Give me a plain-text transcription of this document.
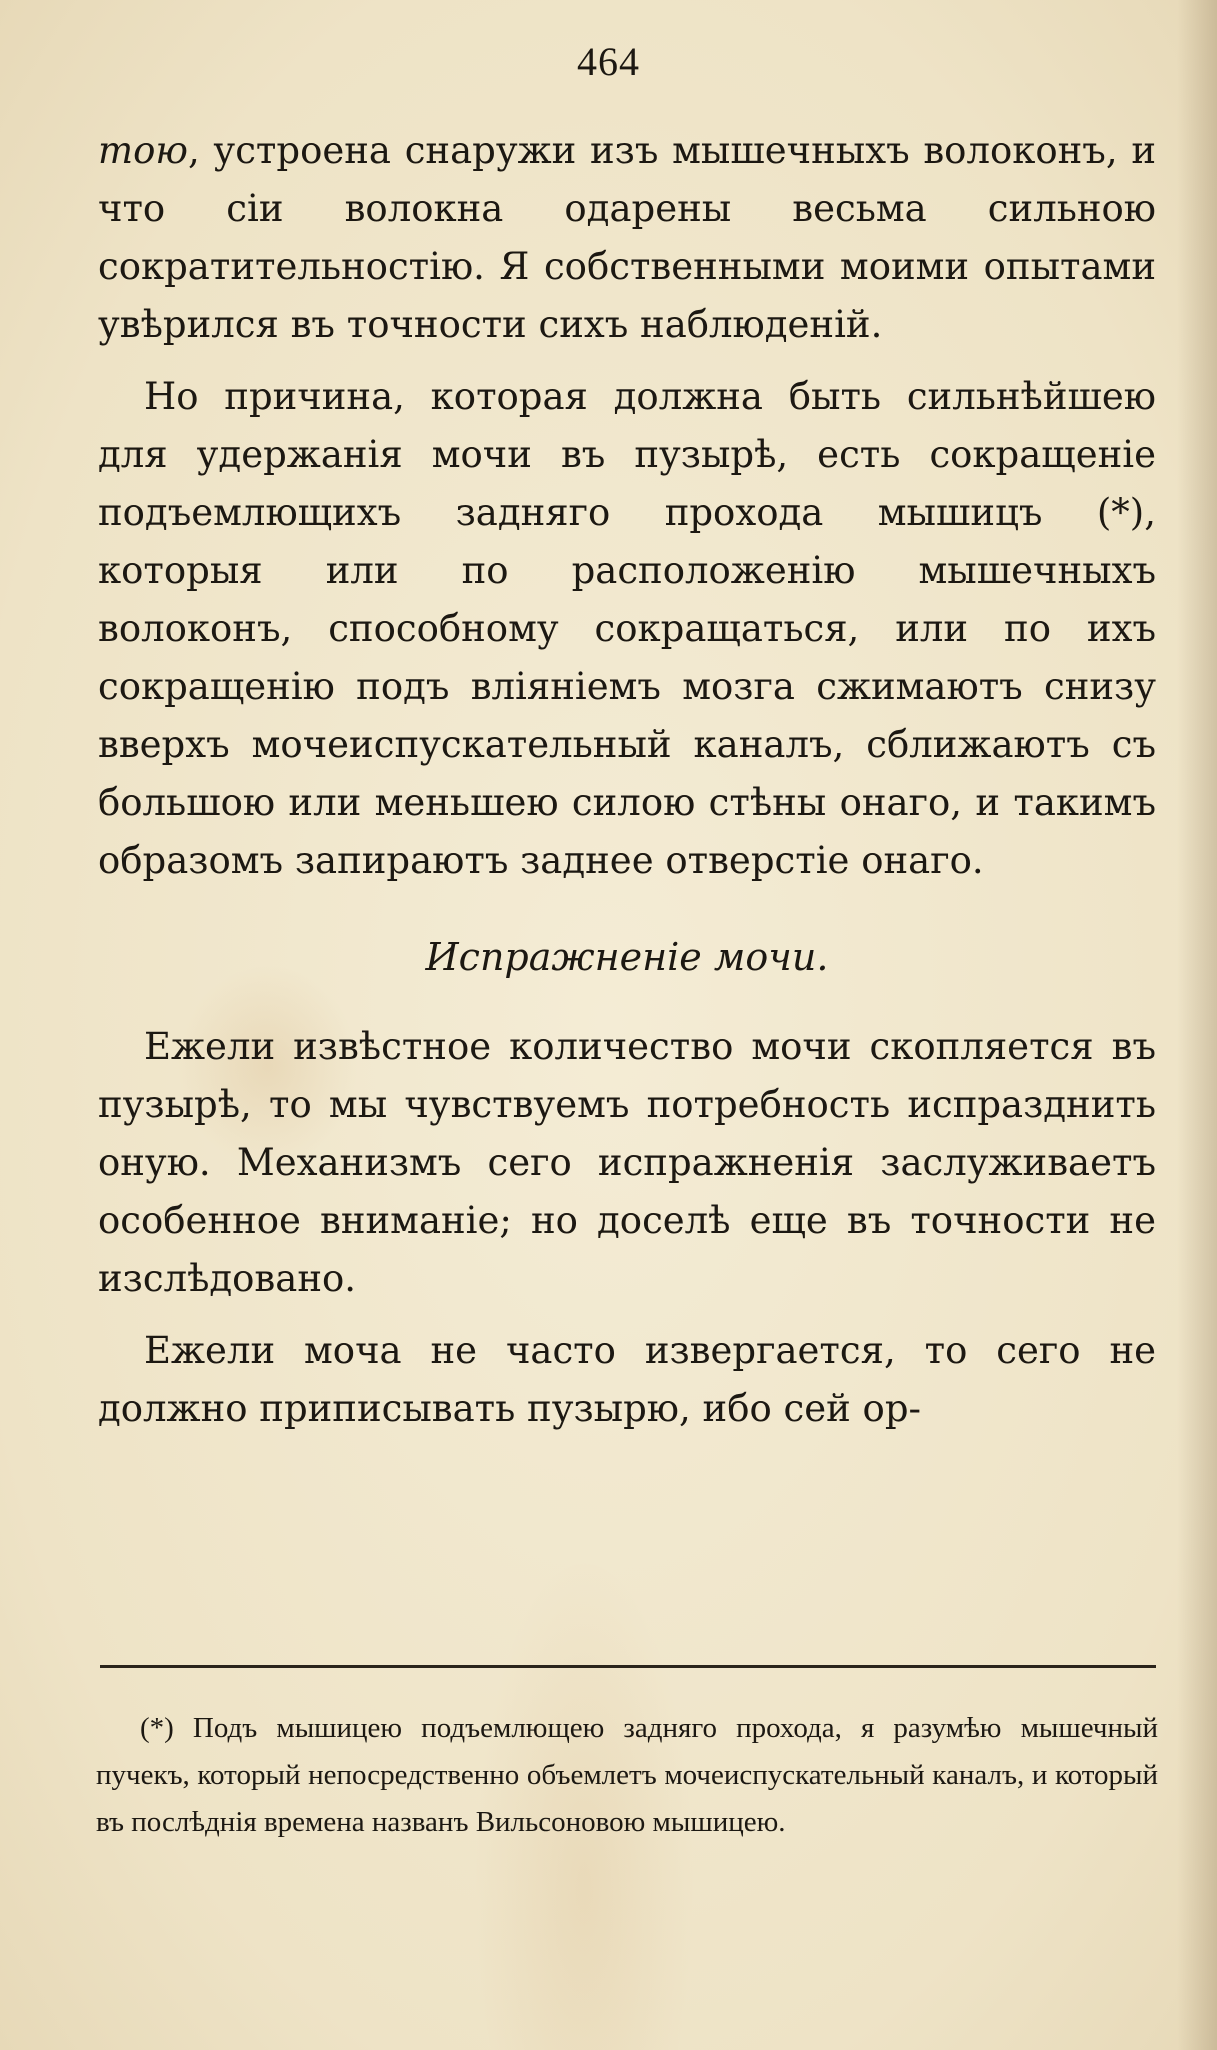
464

тою, устроена снаружи изъ мышечныхъ волоконъ, и что сіи волокна одарены весьма сильною сократительностію. Я собственными моими опытами увѣрился въ точности сихъ наблюденій.

Но причина, которая должна быть сильнѣйшею для удержанія мочи въ пузырѣ, есть сокращеніе подъемлющихъ задняго прохода мышицъ (*), которыя или по расположенію мышечныхъ волоконъ, способному сокращаться, или по ихъ сокращенію подъ вліяніемъ мозга сжимаютъ снизу вверхъ мочеиспускательный каналъ, сближаютъ съ большою или меньшею силою стѣны онаго, и такимъ образомъ запираютъ заднее отверстіе онаго.

Испражненіе мочи.

Ежели извѣстное количество мочи скопляется въ пузырѣ, то мы чувствуемъ потребность испразднить оную. Механизмъ сего испражненія заслуживаетъ особенное вниманіе; но доселѣ еще въ точности не изслѣдовано.

Ежели моча не часто извергается, то сего не должно приписывать пузырю, ибо сей ор-

(*) Подъ мышицею подъемлющею задняго прохода, я разумѣю мышечный пучекъ, который непосредственно объемлетъ мочеиспускательный каналъ, и который въ послѣднія времена названъ Вильсоновою мышицею.
